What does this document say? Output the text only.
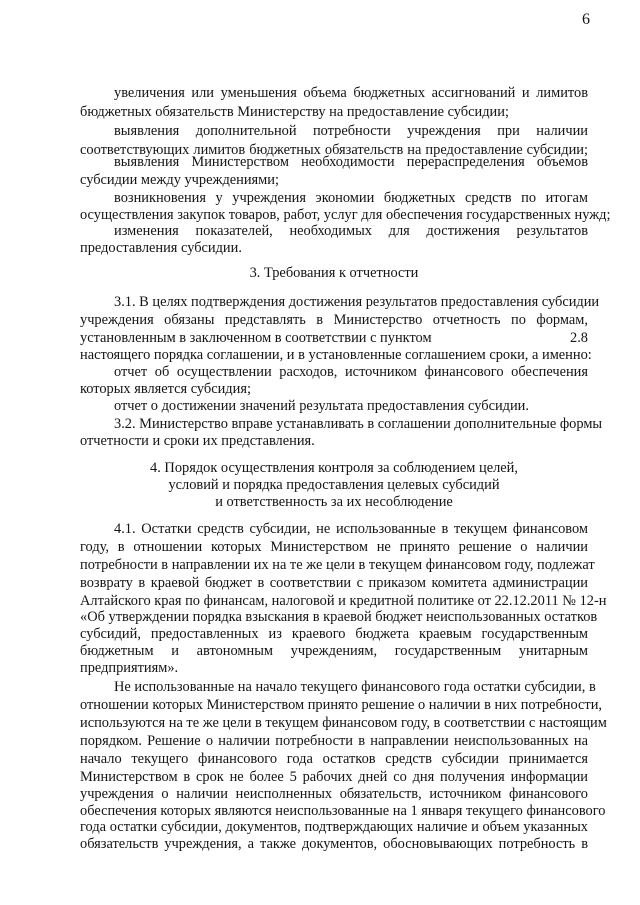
6
увеличения или уменьшения объема бюджетных ассигнований и лимитов
бюджетных обязательств Министерству на предоставление субсидии;
выявления дополнительной потребности учреждения при наличии
соответствующих лимитов бюджетных обязательств на предоставление субсидии;
выявления Министерством необходимости перераспределения объемов
субсидии между учреждениями;
возникновения у учреждения экономии бюджетных средств по итогам
осуществления закупок товаров, работ, услуг для обеспечения государственных нужд;
изменения показателей, необходимых для достижения результатов
предоставления субсидии.
3. Требования к отчетности
3.1. В целях подтверждения достижения результатов предоставления субсидии
учреждения обязаны представлять в Министерство отчетность по формам,
установленным в заключенном в соответствии с пунктом	2.8
настоящего порядка соглашении, и в установленные соглашением сроки, а именно:
отчет об осуществлении расходов, источником финансового обеспечения
которых является субсидия;
отчет о достижении значений результата предоставления субсидии.
3.2. Министерство вправе устанавливать в соглашении дополнительные формы
отчетности и сроки их представления.
4. Порядок осуществления контроля за соблюдением целей,
условий и порядка предоставления целевых субсидий
и ответственность за их несоблюдение
4.1. Остатки средств субсидии, не использованные в текущем финансовом
году, в отношении которых Министерством не принято решение о наличии
потребности в направлении их на те же цели в текущем финансовом году, подлежат
возврату в краевой бюджет в соответствии с приказом комитета администрации
Алтайского края по финансам, налоговой и кредитной политике от 22.12.2011 № 12-н
«Об утверждении порядка взыскания в краевой бюджет неиспользованных остатков
субсидий, предоставленных из краевого бюджета краевым государственным
бюджетным и автономным учреждениям, государственным унитарным
предприятиям».
Не использованные на начало текущего финансового года остатки субсидии, в
отношении которых Министерством принято решение о наличии в них потребности,
используются на те же цели в текущем финансовом году, в соответствии с настоящим
порядком. Решение о наличии потребности в направлении неиспользованных на
начало текущего финансового года остатков средств субсидии принимается
Министерством в срок не более 5 рабочих дней со дня получения информации
учреждения о наличии неисполненных обязательств, источником финансового
обеспечения которых являются неиспользованные на 1 января текущего финансового
года остатки субсидии, документов, подтверждающих наличие и объем указанных
обязательств учреждения, а также документов, обосновывающих потребность в
